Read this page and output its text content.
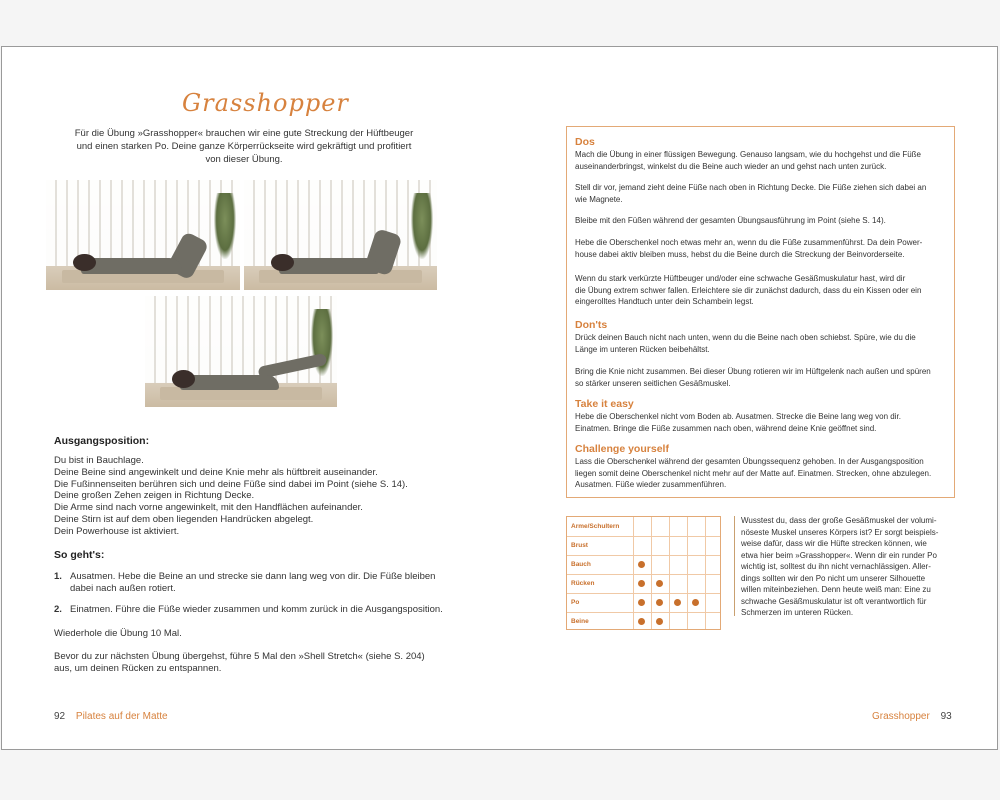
Grasshopper
Für die Übung »Grasshopper« brauchen wir eine gute Streckung der Hüftbeuger
und einen starken Po. Deine ganze Körperrückseite wird gekräftigt und profitiert
von dieser Übung.
Ausgangsposition:
Du bist in Bauchlage.
Deine Beine sind angewinkelt und deine Knie mehr als hüftbreit auseinander.
Die Fußinnenseiten berühren sich und deine Füße sind dabei im Point (siehe S. 14).
Deine großen Zehen zeigen in Richtung Decke.
Die Arme sind nach vorne angewinkelt, mit den Handflächen aufeinander.
Deine Stirn ist auf dem oben liegenden Handrücken abgelegt.
Dein Powerhouse ist aktiviert.
So geht's:
1. Ausatmen. Hebe die Beine an und strecke sie dann lang weg von dir. Die Füße bleiben
dabei nach außen rotiert.
2. Einatmen. Führe die Füße wieder zusammen und komm zurück in die Ausgangsposition.
Wiederhole die Übung 10 Mal.
Bevor du zur nächsten Übung übergehst, führe 5 Mal den »Shell Stretch« (siehe S. 204)
aus, um deinen Rücken zu entspannen.
92 Pilates auf der Matte
Dos
Mach die Übung in einer flüssigen Bewegung. Genauso langsam, wie du hochgehst und die Füße
auseinanderbringst, winkelst du die Beine auch wieder an und gehst nach unten zurück.
Stell dir vor, jemand zieht deine Füße nach oben in Richtung Decke. Die Füße ziehen sich dabei an
wie Magnete.
Bleibe mit den Füßen während der gesamten Übungsausführung im Point (siehe S. 14).
Hebe die Oberschenkel noch etwas mehr an, wenn du die Füße zusammenführst. Da dein Power-
house dabei aktiv bleiben muss, hebst du die Beine durch die Streckung der Beinvorderseite.
Wenn du stark verkürzte Hüftbeuger und/oder eine schwache Gesäßmuskulatur hast, wird dir
die Übung extrem schwer fallen. Erleichtere sie dir zunächst dadurch, dass du ein Kissen oder ein
eingerolltes Handtuch unter dein Schambein legst.
Don'ts
Drück deinen Bauch nicht nach unten, wenn du die Beine nach oben schiebst. Spüre, wie du die
Länge im unteren Rücken beibehältst.
Bring die Knie nicht zusammen. Bei dieser Übung rotieren wir im Hüftgelenk nach außen und spüren
so stärker unseren seitlichen Gesäßmuskel.
Take it easy
Hebe die Oberschenkel nicht vom Boden ab. Ausatmen. Strecke die Beine lang weg von dir.
Einatmen. Bringe die Füße zusammen nach oben, während deine Knie geöffnet sind.
Challenge yourself
Lass die Oberschenkel während der gesamten Übungssequenz gehoben. In der Ausgangsposition
liegen somit deine Oberschenkel nicht mehr auf der Matte auf. Einatmen. Strecken, ohne abzulegen.
Ausatmen. Füße wieder zusammenführen.
Arme/Schultern
Brust
Bauch
Rücken
Po
Beine
Wusstest du, dass der große Gesäßmuskel der volumi-
nöseste Muskel unseres Körpers ist? Er sorgt beispiels-
weise dafür, dass wir die Hüfte strecken können, wie
etwa hier beim »Grasshopper«. Wenn dir ein runder Po
wichtig ist, solltest du ihn nicht vernachlässigen. Aller-
dings sollten wir den Po nicht um unserer Silhouette
willen miteinbeziehen. Denn heute weiß man: Eine zu
schwache Gesäßmuskulatur ist oft verantwortlich für
Schmerzen im unteren Rücken.
Grasshopper 93
